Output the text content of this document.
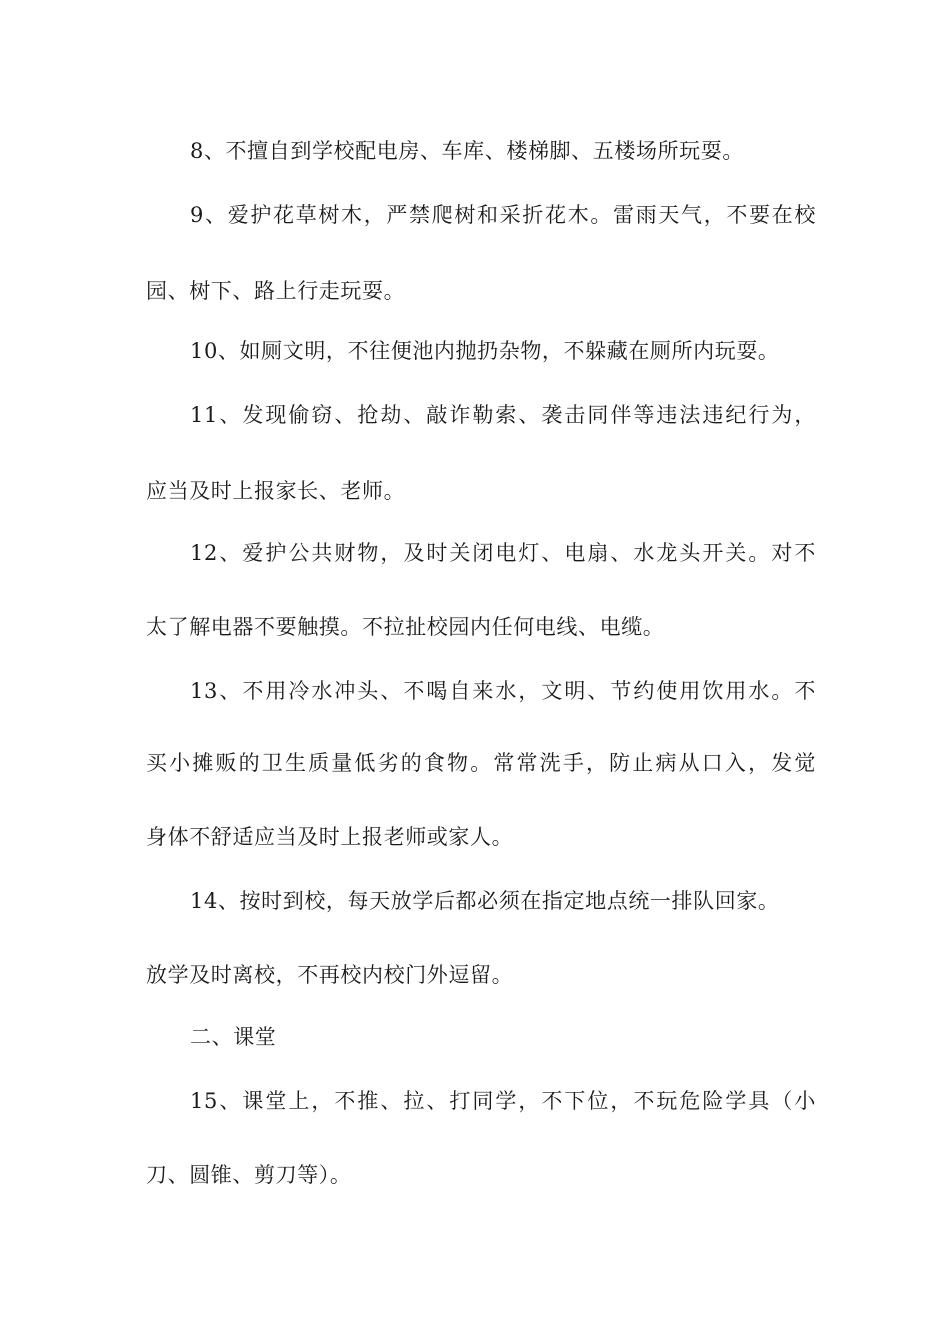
8、不擅自到学校配电房、车库、楼梯脚、五楼场所玩耍。
9、爱护花草树木，严禁爬树和采折花木。雷雨天气，不要在校
园、树下、路上行走玩耍。
10、如厕文明，不往便池内抛扔杂物，不躲藏在厕所内玩耍。
11、发现偷窃、抢劫、敲诈勒索、袭击同伴等违法违纪行为，
应当及时上报家长、老师。
12、爱护公共财物，及时关闭电灯、电扇、水龙头开关。对不
太了解电器不要触摸。不拉扯校园内任何电线、电缆。
13、不用冷水冲头、不喝自来水，文明、节约使用饮用水。不
买小摊贩的卫生质量低劣的食物。常常洗手，防止病从口入，发觉
身体不舒适应当及时上报老师或家人。
14、按时到校，每天放学后都必须在指定地点统一排队回家。
放学及时离校，不再校内校门外逗留。
二、课堂
15、课堂上，不推、拉、打同学，不下位，不玩危险学具（小
刀、圆锥、剪刀等）。
